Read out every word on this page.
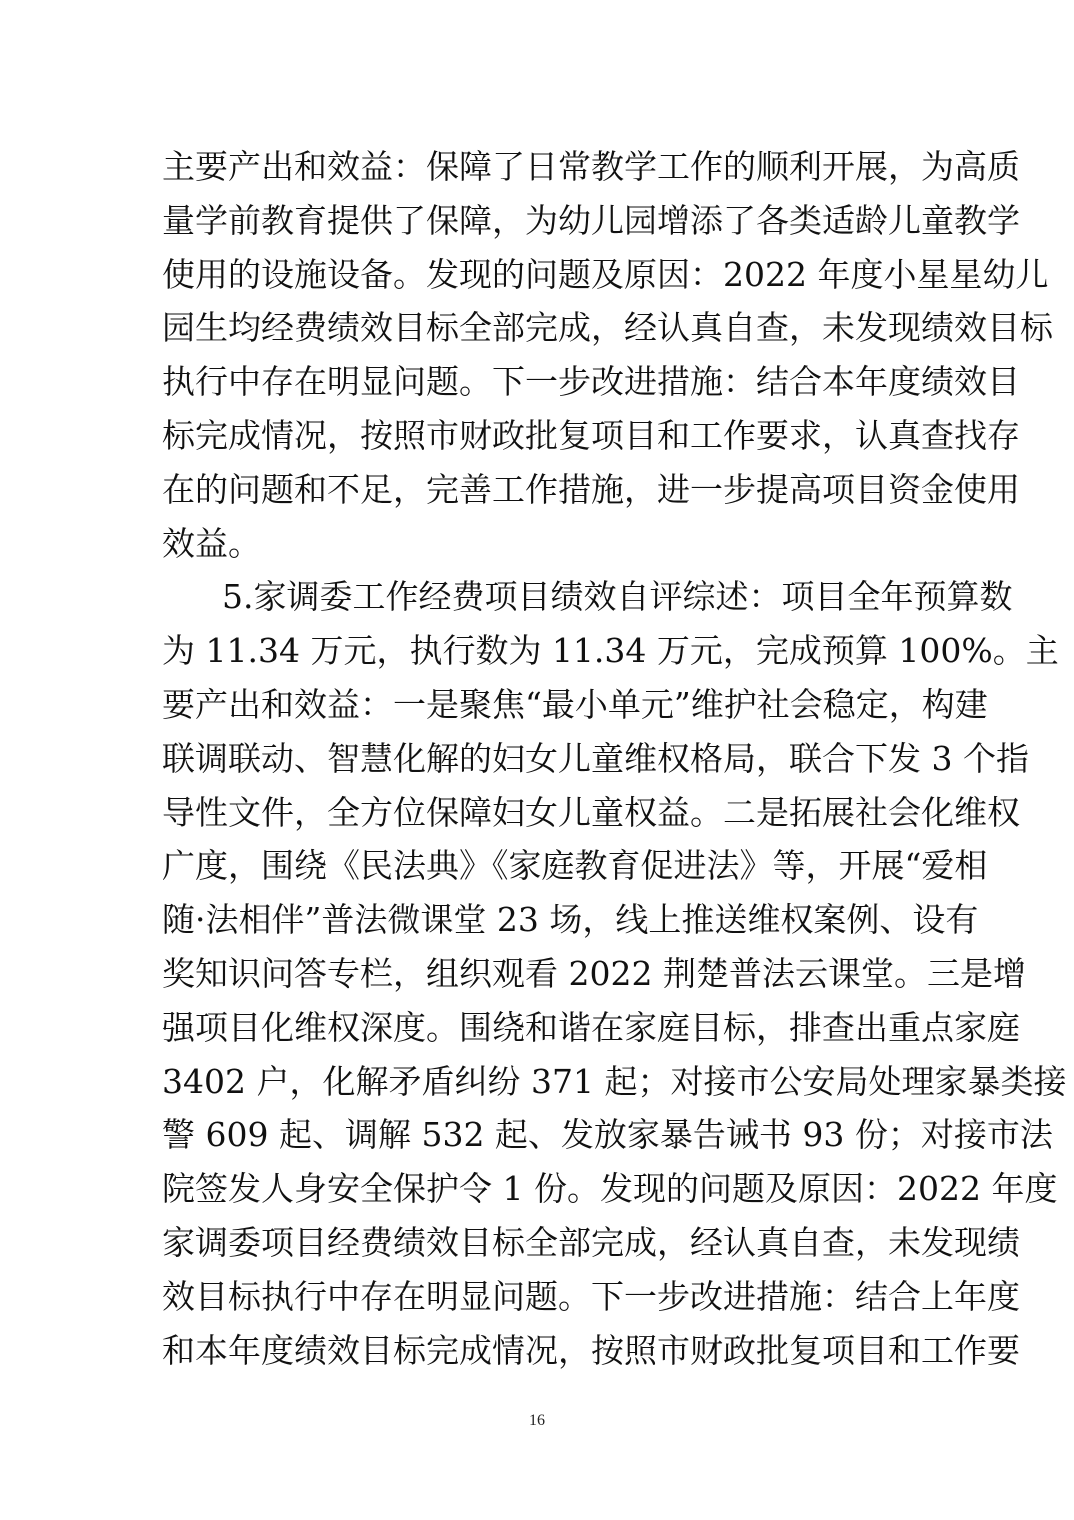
主要产出和效益：保障了日常教学工作的顺利开展，为高质
量学前教育提供了保障，为幼儿园增添了各类适龄儿童教学
使用的设施设备。发现的问题及原因：2022 年度小星星幼儿
园生均经费绩效目标全部完成，经认真自查，未发现绩效目标
执行中存在明显问题。下一步改进措施：结合本年度绩效目
标完成情况，按照市财政批复项目和工作要求，认真查找存
在的问题和不足，完善工作措施，进一步提高项目资金使用
效益。
5.家调委工作经费项目绩效自评综述：项目全年预算数
为 11.34 万元，执行数为 11.34 万元，完成预算 100%。主
要产出和效益：一是聚焦“最小单元”维护社会稳定，构建
联调联动、智慧化解的妇女儿童维权格局，联合下发 3 个指
导性文件，全方位保障妇女儿童权益。二是拓展社会化维权
广度，围绕《民法典》《家庭教育促进法》等，开展“爱相
随·法相伴”普法微课堂 23 场，线上推送维权案例、设有
奖知识问答专栏，组织观看 2022 荆楚普法云课堂。三是增
强项目化维权深度。围绕和谐在家庭目标，排查出重点家庭
3402 户，化解矛盾纠纷 371 起；对接市公安局处理家暴类接
警 609 起、调解 532 起、发放家暴告诫书 93 份；对接市法
院签发人身安全保护令 1 份。发现的问题及原因：2022 年度
家调委项目经费绩效目标全部完成，经认真自查，未发现绩
效目标执行中存在明显问题。下一步改进措施：结合上年度
和本年度绩效目标完成情况，按照市财政批复项目和工作要
16
